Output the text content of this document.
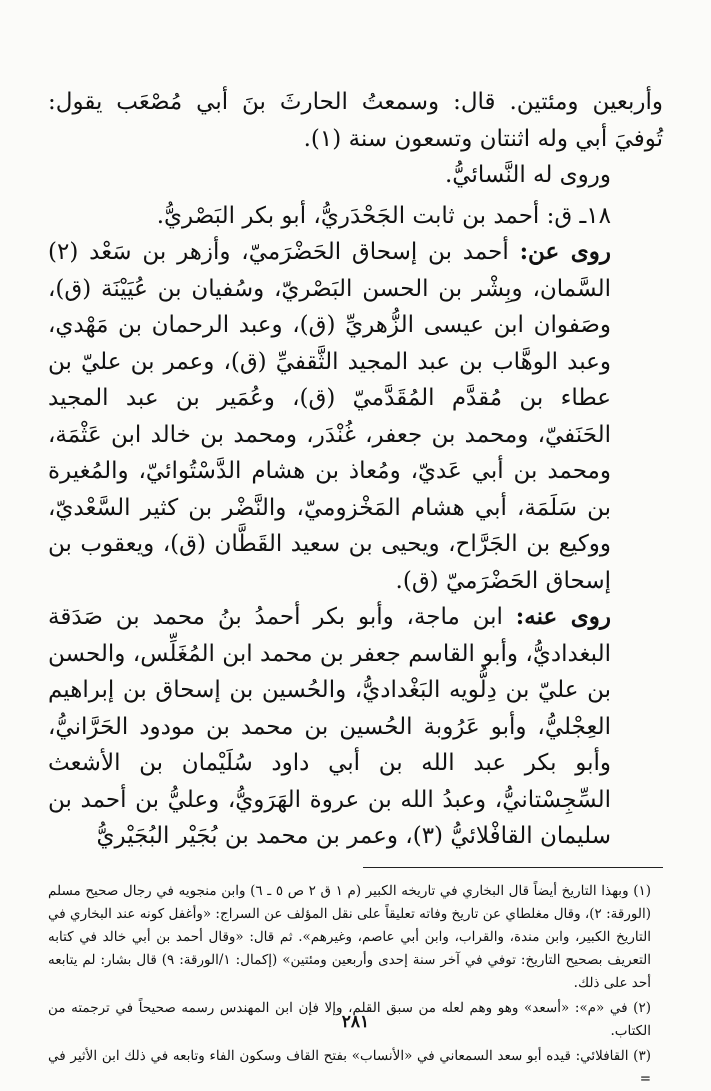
وأربعين ومئتين. قال: وسمعتُ الحارثَ بنَ أبي مُصْعَب يقول: تُوفيَ أبي وله اثنتان وتسعون سنة (١).

وروى له النَّسائيُّ.

١٨ـ ق: أحمد بن ثابت الجَحْدَريُّ، أبو بكر البَصْريُّ.

روى عن: أحمد بن إسحاق الحَضْرَميّ، وأزهر بن سَعْد (٢) السَّمان، وبِشْر بن الحسن البَصْريّ، وسُفيان بن عُيَيْنَة (ق)، وصَفوان ابن عيسى الزُّهريِّ (ق)، وعبد الرحمان بن مَهْدي، وعبد الوهَّاب بن عبد المجيد الثَّقفيِّ (ق)، وعمر بن عليّ بن عطاء بن مُقدَّم المُقَدَّميّ (ق)، وعُمَير بن عبد المجيد الحَنَفيّ، ومحمد بن جعفر، غُنْدَر، ومحمد بن خالد ابن عَثْمَة، ومحمد بن أبي عَديّ، ومُعاذ بن هشام الدَّسْتُوائيّ، والمُغيرة بن سَلَمَة، أبي هشام المَخْزوميّ، والنَّضْر بن كثير السَّعْديّ، ووكيع بن الجَرَّاح، ويحيى بن سعيد القَطَّان (ق)، ويعقوب بن إسحاق الحَضْرَميّ (ق).

روى عنه: ابن ماجة، وأبو بكر أحمدُ بنُ محمد بن صَدَقة البغداديُّ، وأبو القاسم جعفر بن محمد ابن المُغَلِّس، والحسن بن عليّ بن دِلُّويه البَغْداديُّ، والحُسين بن إسحاق بن إبراهيم العِجْليُّ، وأبو عَرُوبة الحُسين بن محمد بن مودود الحَرَّانيُّ، وأبو بكر عبد الله بن أبي داود سُلَيْمان بن الأشعث السِّجِسْتانيُّ، وعبدُ الله بن عروة الهَرَويُّ، وعليُّ بن أحمد بن سليمان القافْلائيُّ (٣)، وعمر بن محمد بن بُجَيْر البُجَيْريُّ

(١) وبهذا التاريخ أيضاً قال البخاري في تاريخه الكبير (م ١ ق ٢ ص ٥ ـ ٦) وابن منجويه في رجال صحيح مسلم (الورقة: ٢)، وقال مغلطاي عن تاريخ وفاته تعليقاً على نقل المؤلف عن السراج: «وأغفل كونه عند البخاري في التاريخ الكبير، وابن مندة، والقراب، وابن أبي عاصم، وغيرهم». ثم قال: «وقال أحمد بن أبي خالد في كتابه التعريف بصحيح التاريخ: توفي في آخر سنة إحدى وأربعين ومئتين» (إكمال: ١/الورقة: ٩) قال بشار: لم يتابعه أحد على ذلك.

(٢) في «م»: «أسعد» وهو وهم لعله من سبق القلم، وإلا فإن ابن المهندس رسمه صحيحاً في ترجمته من الكتاب.

(٣) القافلائي: قيده أبو سعد السمعاني في «الأنساب» بفتح القاف وسكون الفاء وتابعه في ذلك ابن الأثير في =

٢٨١
